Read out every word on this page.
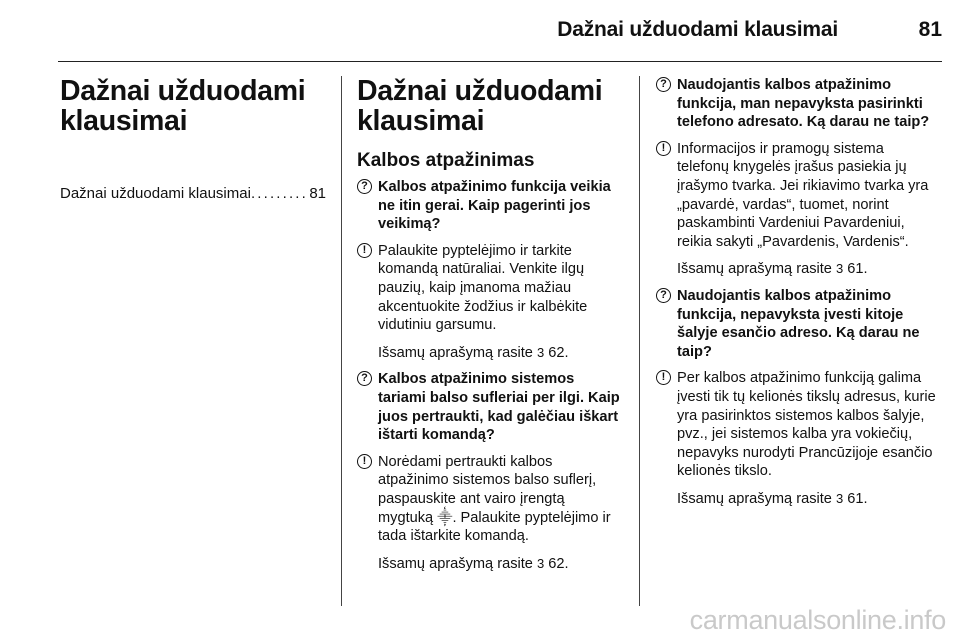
Dažnai užduodami klausimai	81
Dažnai užduodami
klausimai
Dažnai užduodami klausimai
. . .	81
Dažnai užduodami
klausimai
Kalbos atpažinimas
? Kalbos atpažinimo funkcija veikia ne itin gerai. Kaip pagerinti jos veikimą?
! Palaukite pyptelėjimo ir tarkite komandą natūraliai. Venkite ilgų pauzių, kaip įmanoma mažiau akcentuokite žodžius ir kalbėkite vidutiniu garsumu.
Išsamų aprašymą rasite 3 62.
? Kalbos atpažinimo sistemos tariami balso sufleriai per ilgi. Kaip juos pertraukti, kad galėčiau iškart ištarti komandą?
! Norėdami pertraukti kalbos atpažinimo sistemos balso suflerį, paspauskite ant vairo įrengtą mygtuką ⸎. Palaukite pyptelėjimo ir tada ištarkite komandą.
Išsamų aprašymą rasite 3 62.
? Naudojantis kalbos atpažinimo funkcija, man nepavyksta pasirinkti telefono adresato. Ką darau ne taip?
! Informacijos ir pramogų sistema telefonų knygelės įrašus pasiekia jų įrašymo tvarka. Jei rikiavimo tvarka yra „pavardė, vardas“, tuomet, norint paskambinti Vardeniui Pavardeniui, reikia sakyti „Pavardenis, Vardenis“.
Išsamų aprašymą rasite 3 61.
? Naudojantis kalbos atpažinimo funkcija, nepavyksta įvesti kitoje šalyje esančio adreso. Ką darau ne taip?
! Per kalbos atpažinimo funkciją galima įvesti tik tų kelionės tikslų adresus, kurie yra pasirinktos sistemos kalbos šalyje, pvz., jei sistemos kalba yra vokiečių, nepavyks nurodyti Prancūzijoje esančio kelionės tikslo.
Išsamų aprašymą rasite 3 61.
carmanualsonline.info
